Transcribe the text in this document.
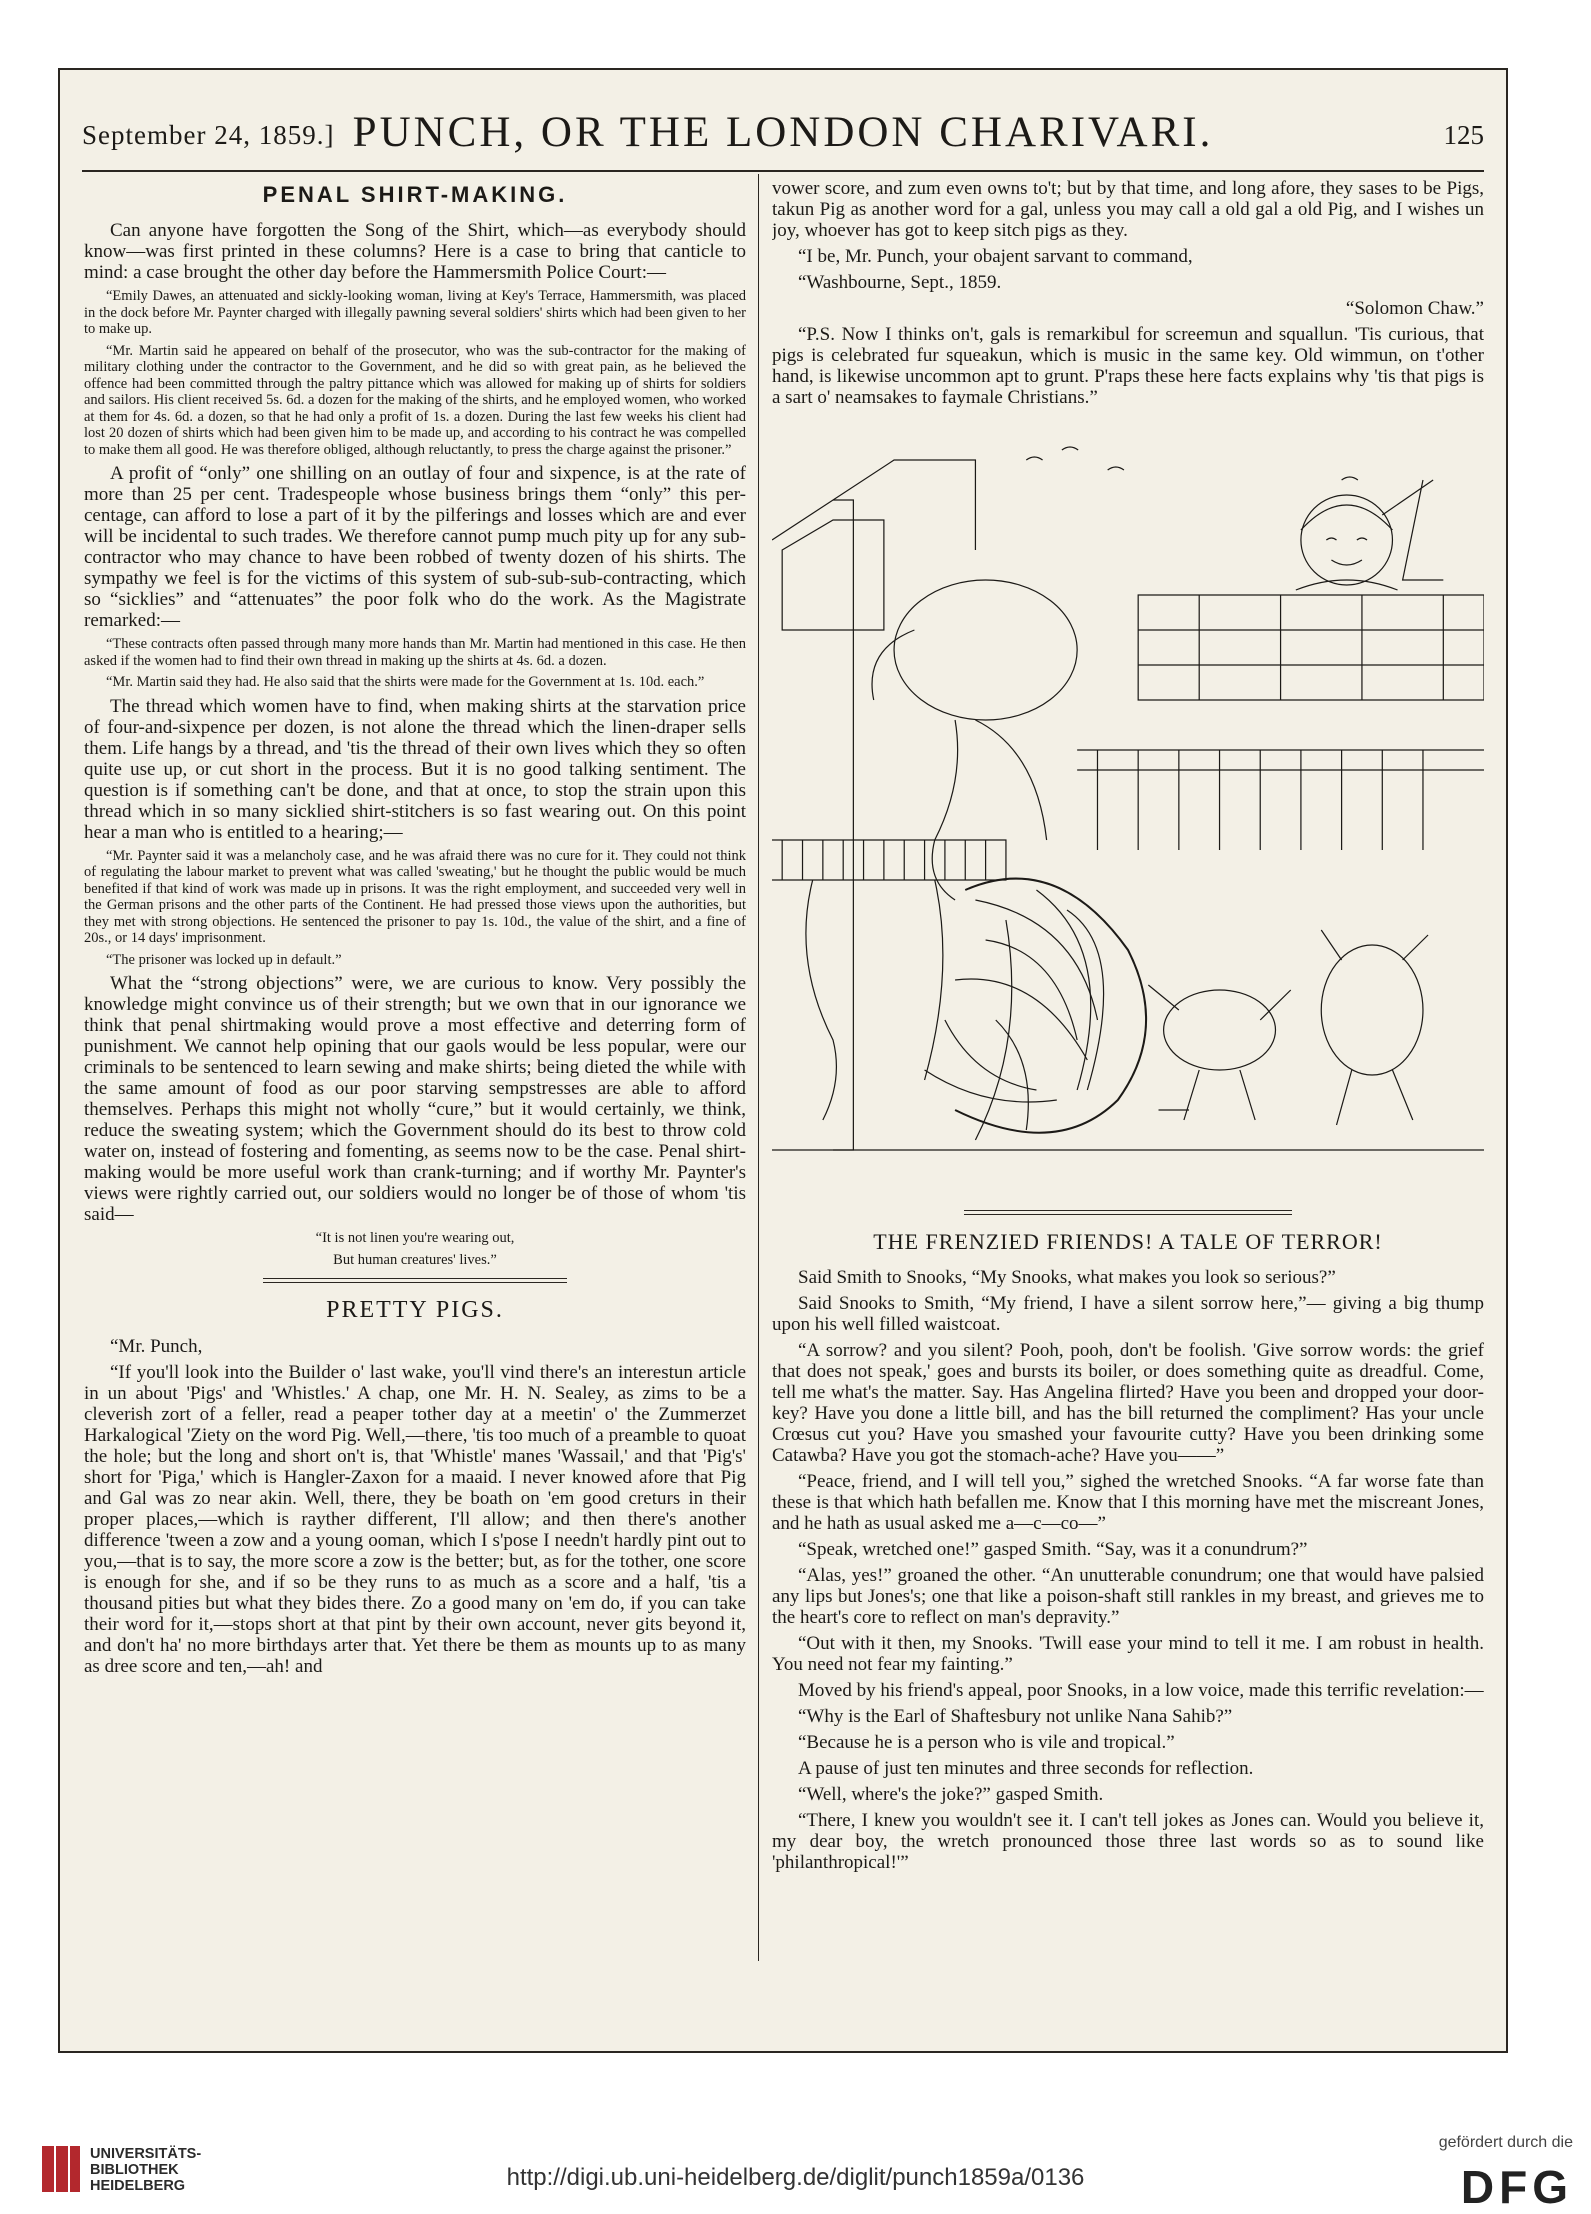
September 24, 1859.] PUNCH, OR THE LONDON CHARIVARI.	125
PENAL SHIRT-MAKING.

Can anyone have forgotten the Song of the Shirt, which—as everybody should know—was first printed in these columns? Here is a case to bring that canticle to mind: a case brought the other day before the Hammersmith Police Court:—

“Emily Dawes, an attenuated and sickly-looking woman, living at Key's Terrace, Hammersmith, was placed in the dock before Mr. Paynter charged with illegally pawning several soldiers' shirts which had been given to her to make up.

“Mr. Martin said he appeared on behalf of the prosecutor, who was the sub-contractor for the making of military clothing under the contractor to the Government, and he did so with great pain, as he believed the offence had been committed through the paltry pittance which was allowed for making up of shirts for soldiers and sailors. His client received 5s. 6d. a dozen for the making of the shirts, and he employed women, who worked at them for 4s. 6d. a dozen, so that he had only a profit of 1s. a dozen. During the last few weeks his client had lost 20 dozen of shirts which had been given him to be made up, and according to his contract he was compelled to make them all good. He was therefore obliged, although reluctantly, to press the charge against the prisoner.”

A profit of “only” one shilling on an outlay of four and sixpence, is at the rate of more than 25 per cent. Tradespeople whose business brings them “only” this per-centage, can afford to lose a part of it by the pilferings and losses which are and ever will be incidental to such trades. We therefore cannot pump much pity up for any sub-contractor who may chance to have been robbed of twenty dozen of his shirts. The sympathy we feel is for the victims of this system of sub-sub-sub-contracting, which so “sicklies” and “attenuates” the poor folk who do the work. As the Magistrate remarked:—

“These contracts often passed through many more hands than Mr. Martin had mentioned in this case. He then asked if the women had to find their own thread in making up the shirts at 4s. 6d. a dozen.

“Mr. Martin said they had. He also said that the shirts were made for the Government at 1s. 10d. each.”

The thread which women have to find, when making shirts at the starvation price of four-and-sixpence per dozen, is not alone the thread which the linen-draper sells them. Life hangs by a thread, and 'tis the thread of their own lives which they so often quite use up, or cut short in the process. But it is no good talking sentiment. The question is if something can't be done, and that at once, to stop the strain upon this thread which in so many sicklied shirt-stitchers is so fast wearing out. On this point hear a man who is entitled to a hearing;—

“Mr. Paynter said it was a melancholy case, and he was afraid there was no cure for it. They could not think of regulating the labour market to prevent what was called 'sweating,' but he thought the public would be much benefited if that kind of work was made up in prisons. It was the right employment, and succeeded very well in the German prisons and the other parts of the Continent. He had pressed those views upon the authorities, but they met with strong objections. He sentenced the prisoner to pay 1s. 10d., the value of the shirt, and a fine of 20s., or 14 days' imprisonment.

“The prisoner was locked up in default.”

What the “strong objections” were, we are curious to know. Very possibly the knowledge might convince us of their strength; but we own that in our ignorance we think that penal shirtmaking would prove a most effective and deterring form of punishment. We cannot help opining that our gaols would be less popular, were our criminals to be sentenced to learn sewing and make shirts; being dieted the while with the same amount of food as our poor starving sempstresses are able to afford themselves. Perhaps this might not wholly “cure,” but it would certainly, we think, reduce the sweating system; which the Government should do its best to throw cold water on, instead of fostering and fomenting, as seems now to be the case. Penal shirt-making would be more useful work than crank-turning; and if worthy Mr. Paynter's views were rightly carried out, our soldiers would no longer be of those of whom 'tis said—

“It is not linen you're wearing out,

But human creatures' lives.”

PRETTY PIGS.

“Mr. Punch,

“If you'll look into the Builder o' last wake, you'll vind there's an interestun article in un about 'Pigs' and 'Whistles.' A chap, one Mr. H. N. Sealey, as zims to be a cleverish zort of a feller, read a peaper tother day at a meetin' o' the Zummerzet Harkalogical 'Ziety on the word Pig. Well,—there, 'tis too much of a preamble to quoat the hole; but the long and short on't is, that 'Whistle' manes 'Wassail,' and that 'Pig's' short for 'Piga,' which is Hangler-Zaxon for a maaid. I never knowed afore that Pig and Gal was zo near akin. Well, there, they be boath on 'em good creturs in their proper places,—which is rayther different, I'll allow; and then there's another difference 'tween a zow and a young ooman, which I s'pose I needn't hardly pint out to you,—that is to say, the more score a zow is the better; but, as for the tother, one score is enough for she, and if so be they runs to as much as a score and a half, 'tis a thousand pities but what they bides there. Zo a good many on 'em do, if you can take their word for it,—stops short at that pint by their own account, never gits beyond it, and don't ha' no more birthdays arter that. Yet there be them as mounts up to as many as dree score and ten,—ah! and

vower score, and zum even owns to't; but by that time, and long afore, they sases to be Pigs, takun Pig as another word for a gal, unless you may call a old gal a old Pig, and I wishes un joy, whoever has got to keep sitch pigs as they.

“I be, Mr. Punch, your obajent sarvant to command,

“Washbourne, Sept., 1859.

“Solomon Chaw.”

“P.S. Now I thinks on't, gals is remarkibul for screemun and squallun. 'Tis curious, that pigs is celebrated fur squeakun, which is music in the same key. Old wimmun, on t'other hand, is likewise uncommon apt to grunt. P'raps these here facts explains why 'tis that pigs is a sart o' neamsakes to faymale Christians.”

THE FRENZIED FRIENDS! A TALE OF TERROR!

Said Smith to Snooks, “My Snooks, what makes you look so serious?”

Said Snooks to Smith, “My friend, I have a silent sorrow here,”— giving a big thump upon his well filled waistcoat.

“A sorrow? and you silent? Pooh, pooh, don't be foolish. 'Give sorrow words: the grief that does not speak,' goes and bursts its boiler, or does something quite as dreadful. Come, tell me what's the matter. Say. Has Angelina flirted? Have you been and dropped your door-key? Have you done a little bill, and has the bill returned the compliment? Has your uncle Crœsus cut you? Have you smashed your favourite cutty? Have you been drinking some Catawba? Have you got the stomach-ache? Have you——”

“Peace, friend, and I will tell you,” sighed the wretched Snooks. “A far worse fate than these is that which hath befallen me. Know that I this morning have met the miscreant Jones, and he hath as usual asked me a—c—co—”

“Speak, wretched one!” gasped Smith. “Say, was it a conundrum?”

“Alas, yes!” groaned the other. “An unutterable conundrum; one that would have palsied any lips but Jones's; one that like a poison-shaft still rankles in my breast, and grieves me to the heart's core to reflect on man's depravity.”

“Out with it then, my Snooks. 'Twill ease your mind to tell it me. I am robust in health. You need not fear my fainting.”

Moved by his friend's appeal, poor Snooks, in a low voice, made this terrific revelation:—

“Why is the Earl of Shaftesbury not unlike Nana Sahib?”

“Because he is a person who is vile and tropical.”

A pause of just ten minutes and three seconds for reflection.

“Well, where's the joke?” gasped Smith.

“There, I knew you wouldn't see it. I can't tell jokes as Jones can. Would you believe it, my dear boy, the wretch pronounced those three last words so as to sound like 'philanthropical!'”

UNIVERSITÄTS-
BIBLIOTHEK
HEIDELBERG	http://digi.ub.uni-heidelberg.de/diglit/punch1859a/0136
gefördert durch die
DFG
